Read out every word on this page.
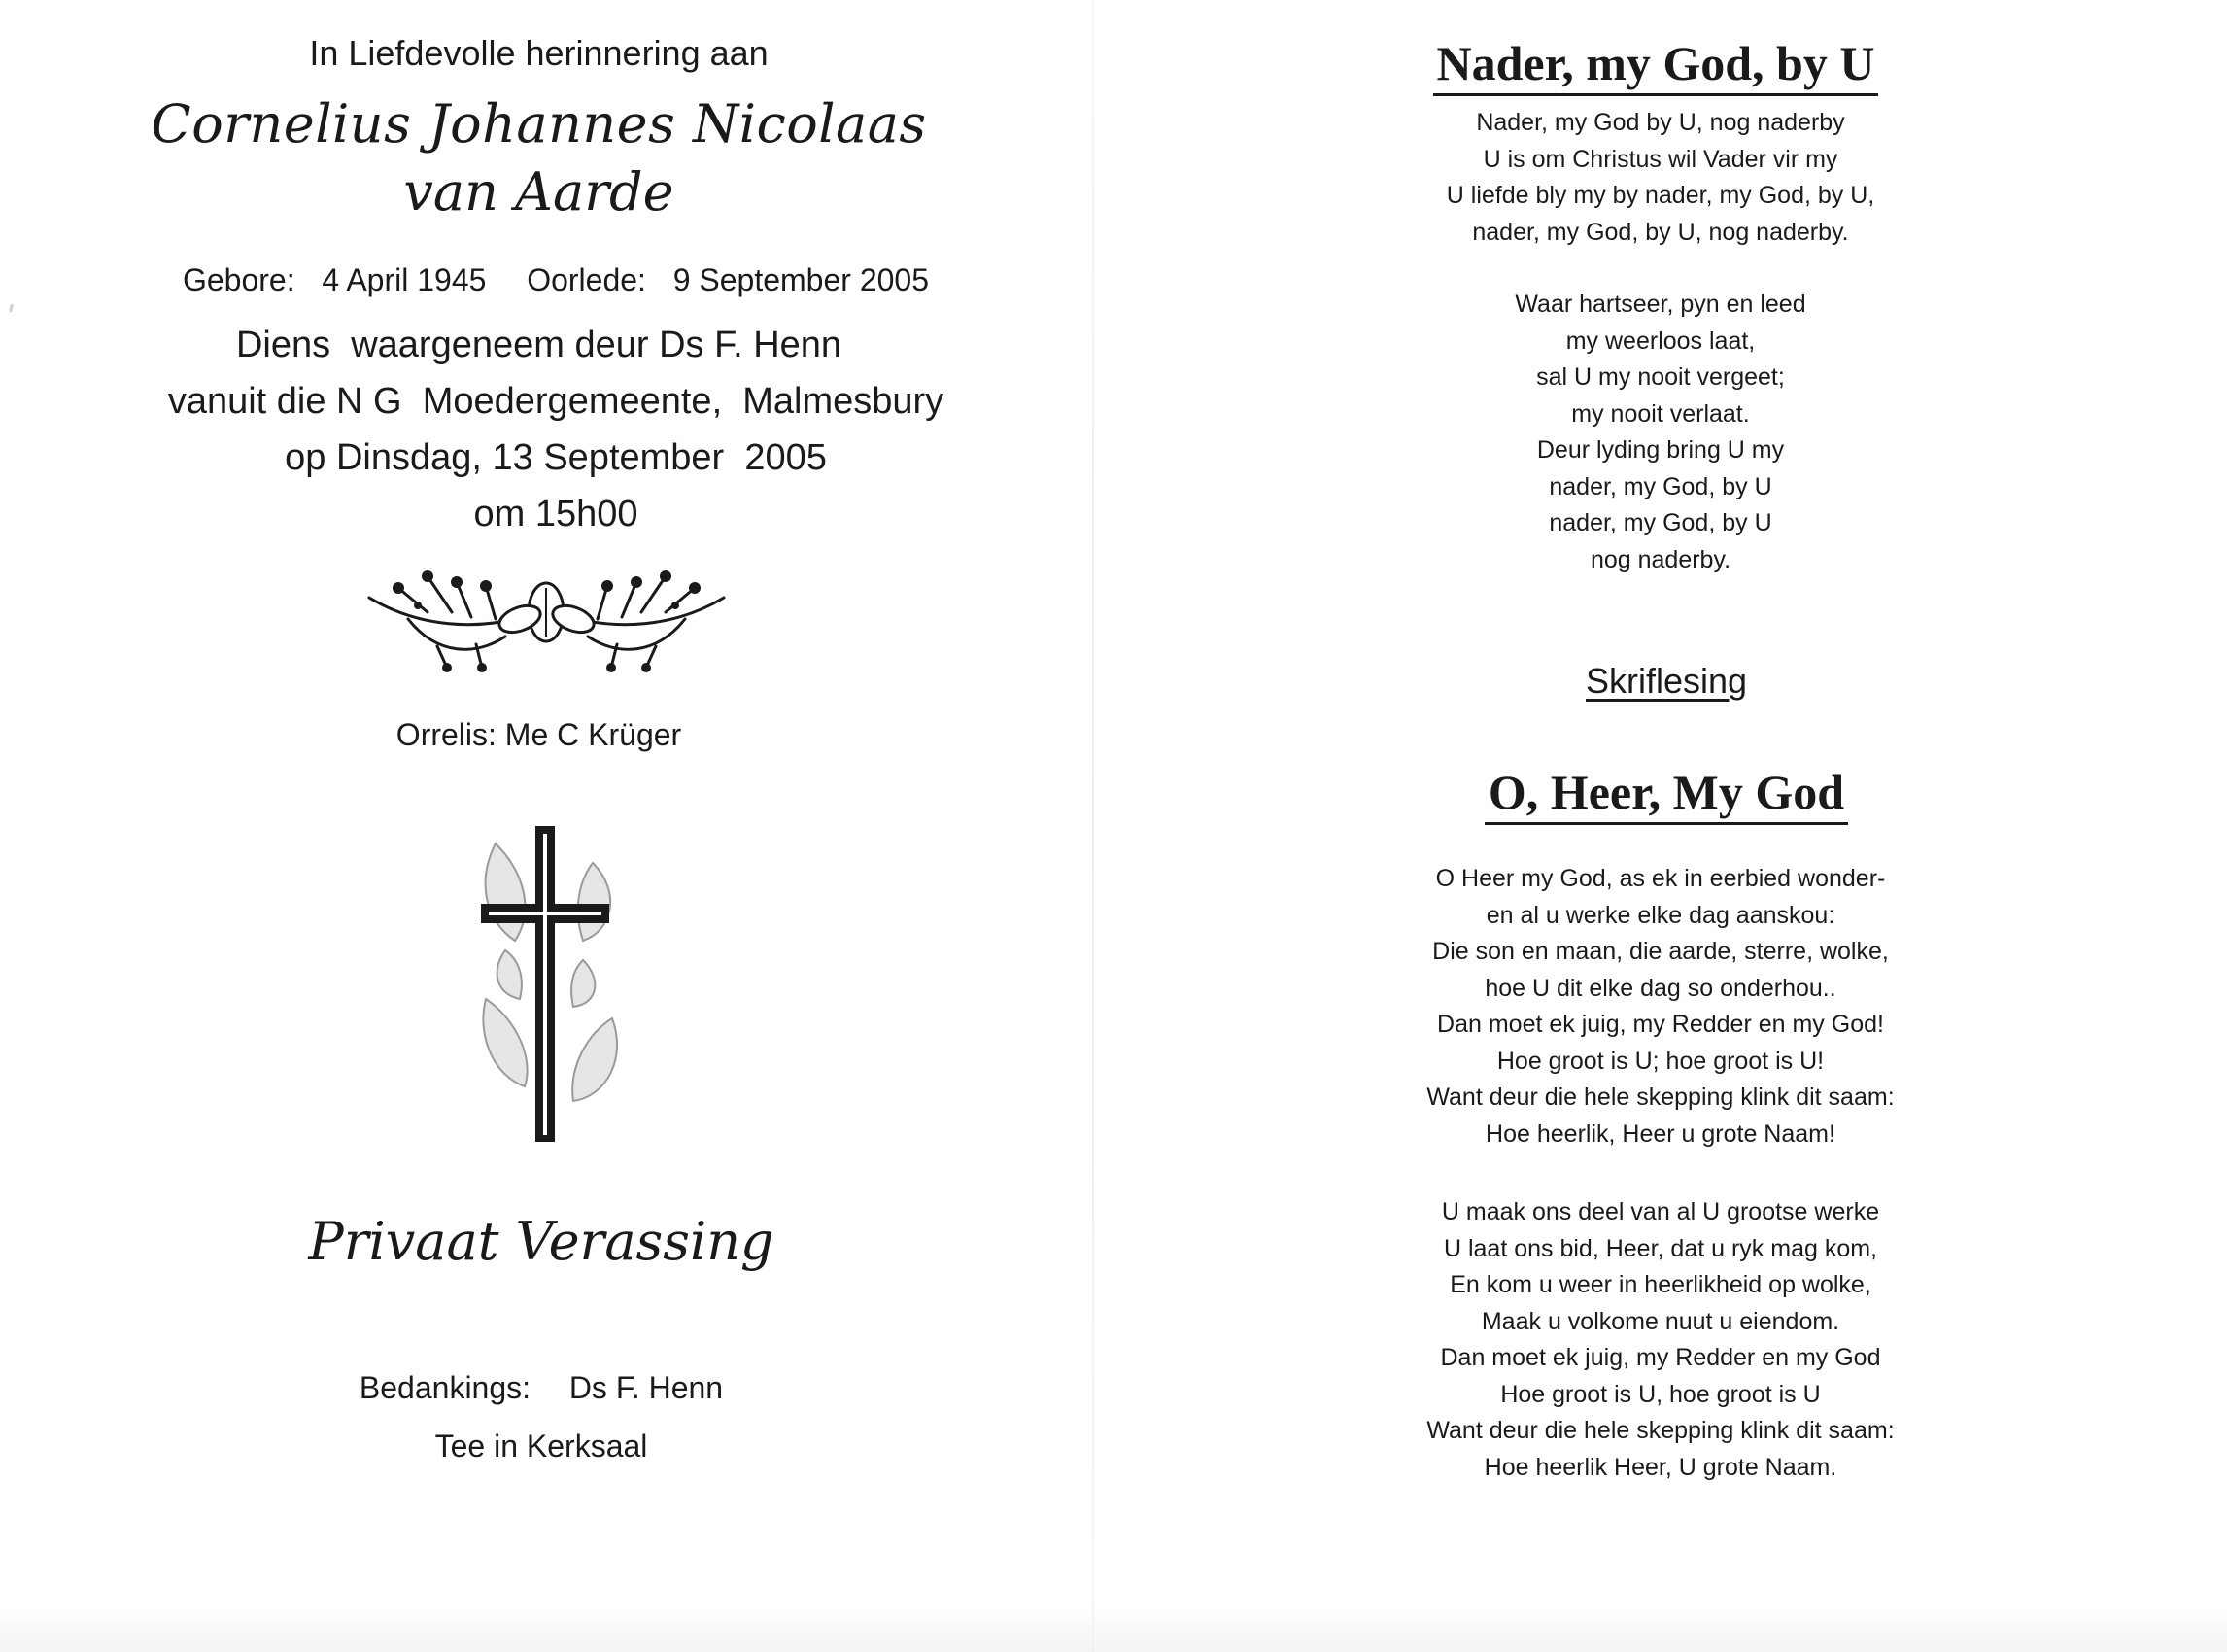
In Liefdevolle herinnering aan
Cornelius Johannes Nicolaas
van Aarde
Gebore: 4 April 1945 Oorlede: 9 September 2005
Diens  waargeneem deur Ds F. Henn
vanuit die N G  Moedergemeente,  Malmesbury
op Dinsdag, 13 September  2005
om 15h00
Orrelis: Me C Krüger
Privaat Verassing
Bedankings: Ds F. Henn
Tee in Kerksaal
Nader, my God, by U
Nader, my God by U, nog naderby
U is om Christus wil Vader vir my
U liefde bly my by nader, my God, by U,
nader, my God, by U, nog naderby.
Waar hartseer, pyn en leed
my weerloos laat,
sal U my nooit vergeet;
my nooit verlaat.
Deur lyding bring U my
nader, my God, by U
nader, my God, by U
nog naderby.
Skriflesing
O, Heer, My God
O Heer my God, as ek in eerbied wonder-
en al u werke elke dag aanskou:
Die son en maan, die aarde, sterre, wolke,
hoe U dit elke dag so onderhou..
Dan moet ek juig, my Redder en my God!
Hoe groot is U; hoe groot is U!
Want deur die hele skepping klink dit saam:
Hoe heerlik, Heer u grote Naam!
U maak ons deel van al U grootse werke
U laat ons bid, Heer, dat u ryk mag kom,
En kom u weer in heerlikheid op wolke,
Maak u volkome nuut u eiendom.
Dan moet ek juig, my Redder en my God
Hoe groot is U, hoe groot is U
Want deur die hele skepping klink dit saam:
Hoe heerlik Heer, U grote Naam.
